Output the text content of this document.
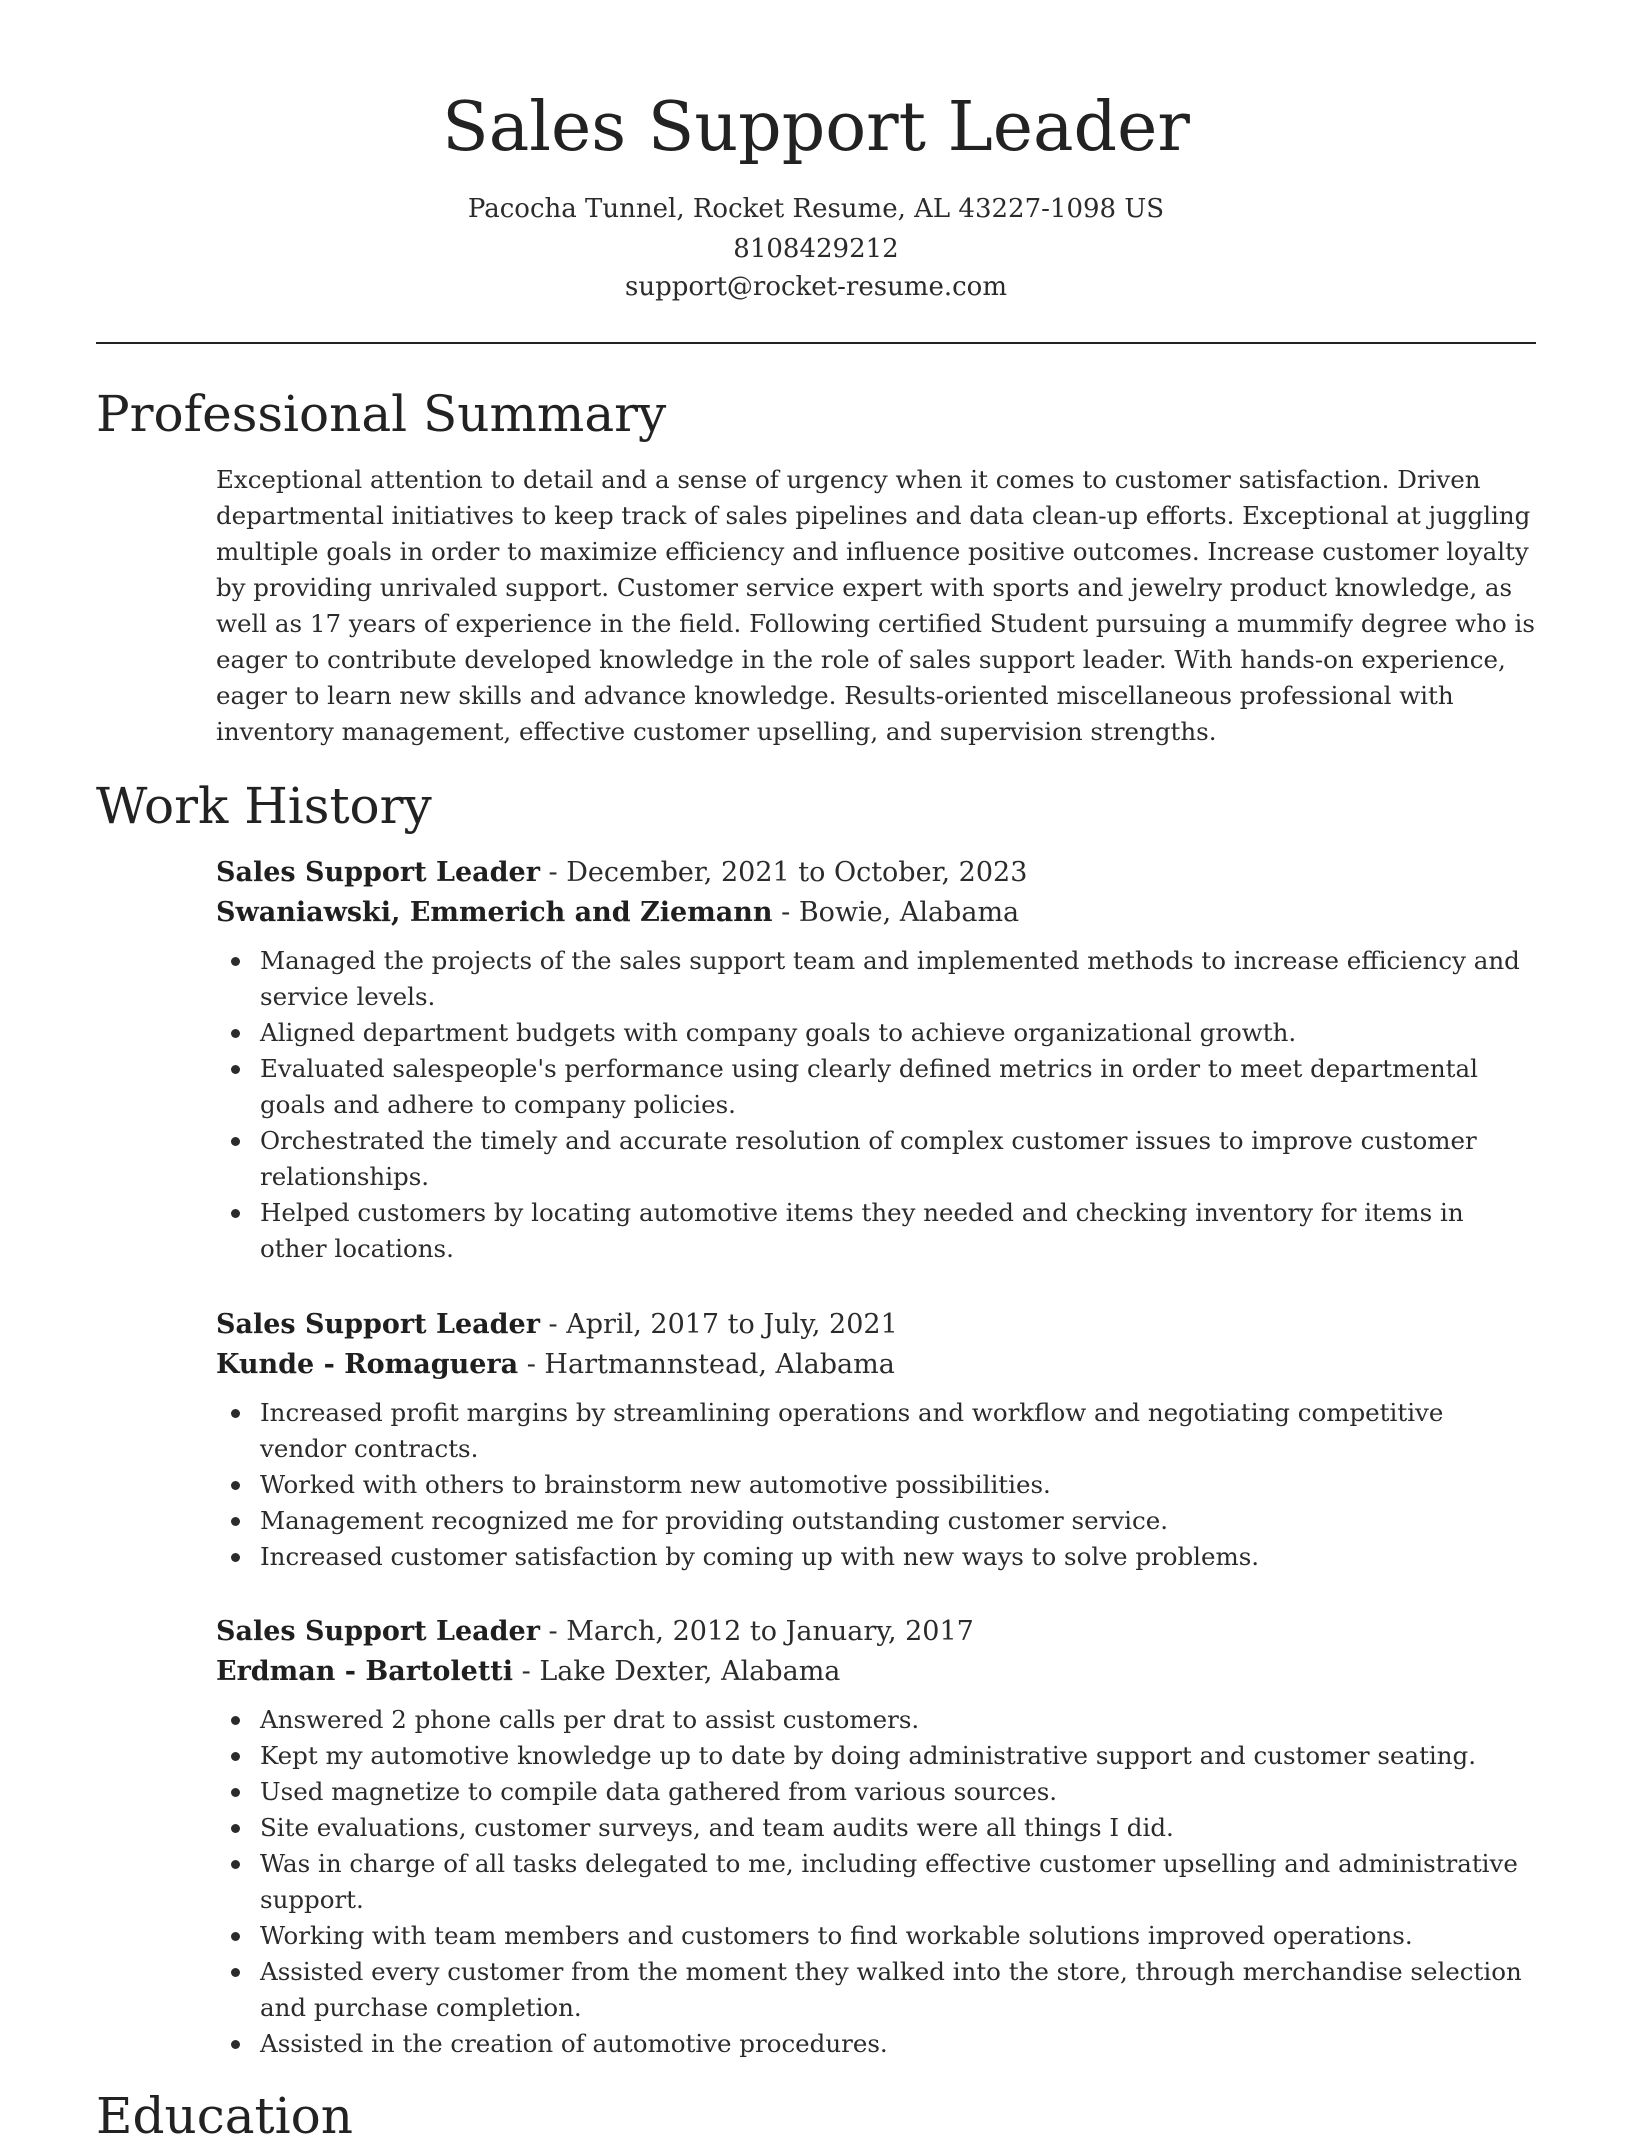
Sales Support Leader
Pacocha Tunnel, Rocket Resume, AL 43227-1098 US
8108429212
support@rocket-resume.com
Professional Summary

Exceptional attention to detail and a sense of urgency when it comes to customer satisfaction. Driven departmental initiatives to keep track of sales pipelines and data clean-up efforts. Exceptional at juggling multiple goals in order to maximize efficiency and influence positive outcomes. Increase customer loyalty by providing unrivaled support. Customer service expert with sports and jewelry product knowledge, as well as 17 years of experience in the field. Following certified Student pursuing a mummify degree who is eager to contribute developed knowledge in the role of sales support leader. With hands-on experience, eager to learn new skills and advance knowledge. Results-oriented miscellaneous professional with inventory management, effective customer upselling, and supervision strengths.

Work History
Sales Support Leader - December, 2021 to October, 2023
Swaniawski, Emmerich and Ziemann - Bowie, Alabama
Managed the projects of the sales support team and implemented methods to increase efficiency and service levels.
Aligned department budgets with company goals to achieve organizational growth.
Evaluated salespeople's performance using clearly defined metrics in order to meet departmental goals and adhere to company policies.
Orchestrated the timely and accurate resolution of complex customer issues to improve customer relationships.
Helped customers by locating automotive items they needed and checking inventory for items in other locations.
Sales Support Leader - April, 2017 to July, 2021
Kunde - Romaguera - Hartmannstead, Alabama
Increased profit margins by streamlining operations and workflow and negotiating competitive vendor contracts.
Worked with others to brainstorm new automotive possibilities.
Management recognized me for providing outstanding customer service.
Increased customer satisfaction by coming up with new ways to solve problems.
Sales Support Leader - March, 2012 to January, 2017
Erdman - Bartoletti - Lake Dexter, Alabama
Answered 2 phone calls per drat to assist customers.
Kept my automotive knowledge up to date by doing administrative support and customer seating.
Used magnetize to compile data gathered from various sources.
Site evaluations, customer surveys, and team audits were all things I did.
Was in charge of all tasks delegated to me, including effective customer upselling and administrative support.
Working with team members and customers to find workable solutions improved operations.
Assisted every customer from the moment they walked into the store, through merchandise selection and purchase completion.
Assisted in the creation of automotive procedures.
Education
